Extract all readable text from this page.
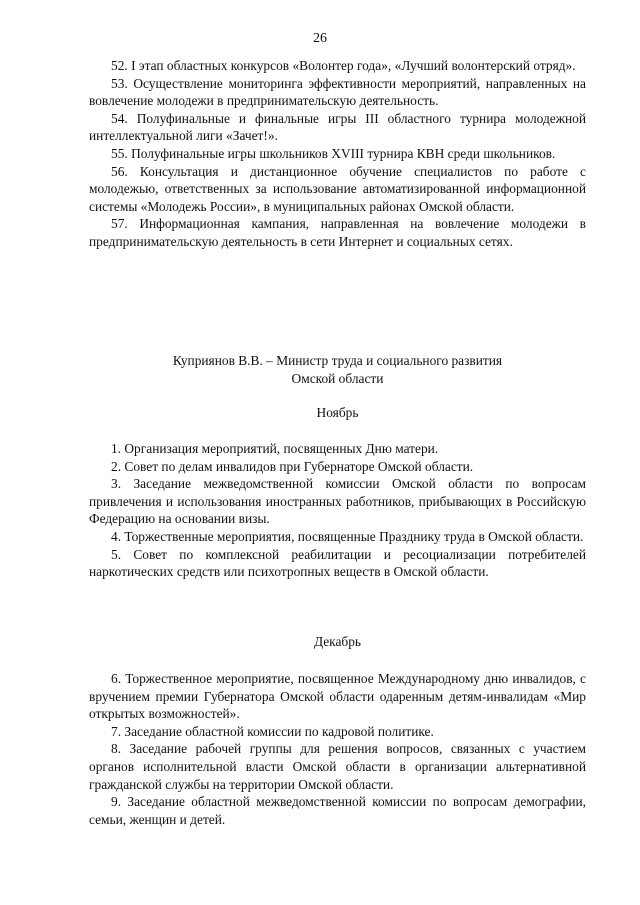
26

52. I этап областных конкурсов «Волонтер года», «Лучший волонтерский отряд».

53. Осуществление мониторинга эффективности мероприятий, направленных на вовлечение молодежи в предпринимательскую деятельность.

54. Полуфинальные и финальные игры III областного турнира молодежной интеллектуальной лиги «Зачет!».

55. Полуфинальные игры школьников XVIII турнира КВН среди школьников.

56. Консультация и дистанционное обучение специалистов по работе с молодежью, ответственных за использование автоматизированной информационной системы «Молодежь России», в муниципальных районах Омской области.

57. Информационная кампания, направленная на вовлечение молодежи в предпринимательскую деятельность в сети Интернет и социальных сетях.

Куприянов В.В. – Министр труда и социального развития

Омской области

Ноябрь

1. Организация мероприятий, посвященных Дню матери.

2. Совет по делам инвалидов при Губернаторе Омской области.

3. Заседание межведомственной комиссии Омской области по вопросам привлечения и использования иностранных работников, прибывающих в Российскую Федерацию на основании визы.

4. Торжественные мероприятия, посвященные Празднику труда в Омской области.

5. Совет по комплексной реабилитации и ресоциализации потребителей наркотических средств или психотропных веществ в Омской области.

Декабрь

6. Торжественное мероприятие, посвященное Международному дню инвалидов, с вручением премии Губернатора Омской области одаренным детям-инвалидам «Мир открытых возможностей».

7. Заседание областной комиссии по кадровой политике.

8. Заседание рабочей группы для решения вопросов, связанных с участием органов исполнительной власти Омской области в организации альтернативной гражданской службы на территории Омской области.

9. Заседание областной межведомственной комиссии по вопросам демографии, семьи, женщин и детей.
